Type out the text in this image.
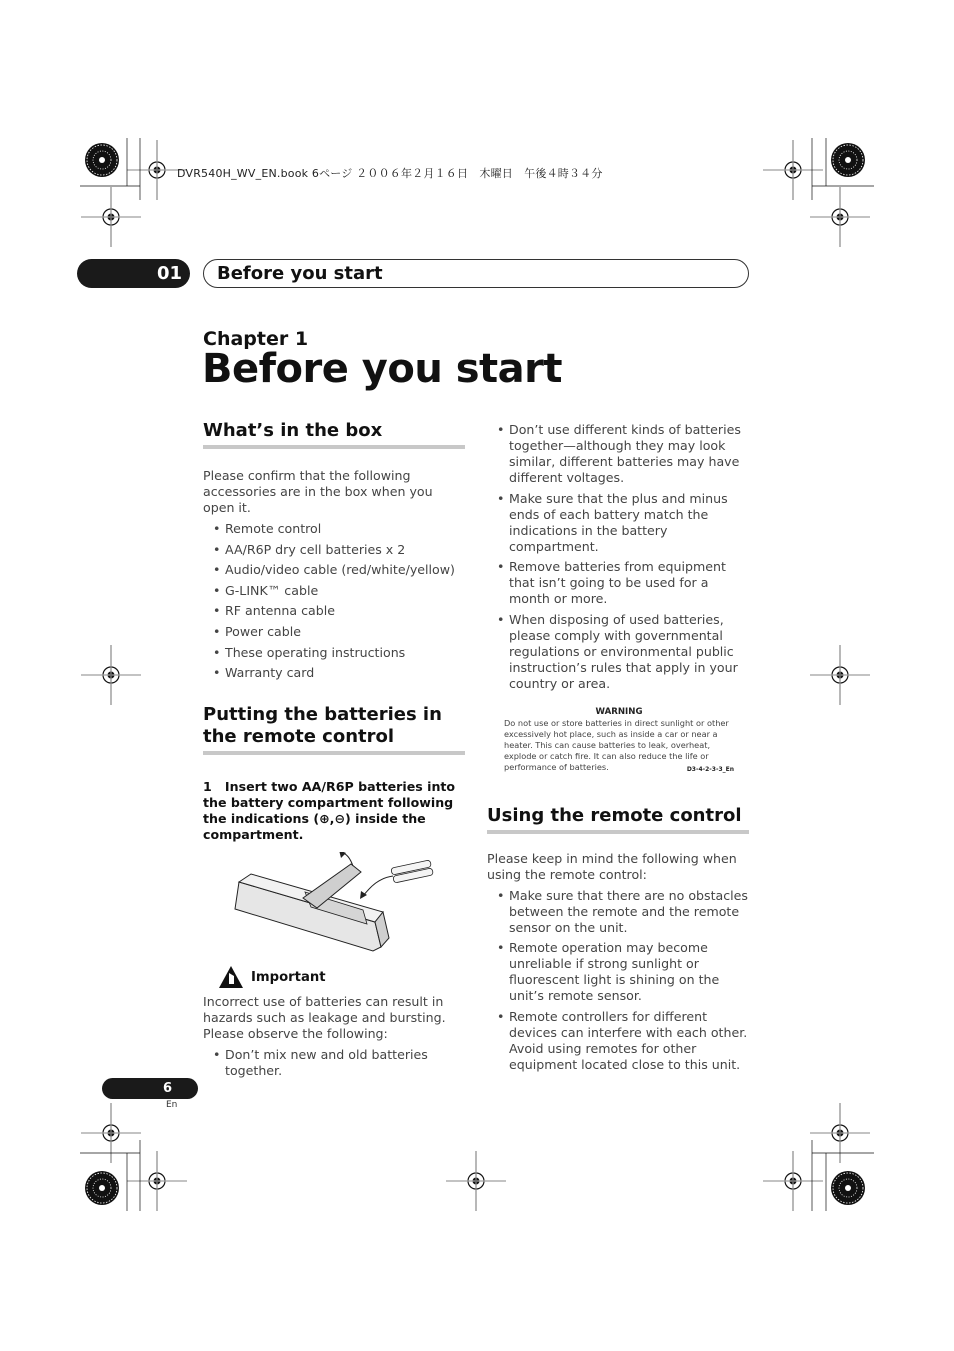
DVR540H_WV_EN.book 6ページ ２００６年２月１６日　木曜日　午後４時３４分
01	Before you start
Chapter 1
Before you start
What’s in the box

Please confirm that the following accessories are in the box when you open it.

• Remote control
• AA/R6P dry cell batteries x 2
• Audio/video cable (red/white/yellow)
• G-LINK™ cable
• RF antenna cable
• Power cable
• These operating instructions
• Warranty card
Putting the batteries in the remote control
1 Insert two AA/R6P batteries into the battery compartment following the indications (⊕,⊖) inside the compartment.
Important

Incorrect use of batteries can result in hazards such as leakage and bursting. Please observe the following:

• Don’t mix new and old batteries together.
• Don’t use different kinds of batteries together—although they may look similar, different batteries may have different voltages.
• Make sure that the plus and minus ends of each battery match the indications in the battery compartment.
• Remove batteries from equipment that isn’t going to be used for a month or more.
• When disposing of used batteries, please comply with governmental regulations or environmental public instruction’s rules that apply in your country or area.
WARNING
Do not use or store batteries in direct sunlight or other excessively hot place, such as inside a car or near a heater. This can cause batteries to leak, overheat, explode or catch fire. It can also reduce the life or performance of batteries.	D3-4-2-3-3_En
Using the remote control

Please keep in mind the following when using the remote control:

• Make sure that there are no obstacles between the remote and the remote sensor on the unit.
• Remote operation may become unreliable if strong sunlight or fluorescent light is shining on the unit’s remote sensor.
• Remote controllers for different devices can interfere with each other. Avoid using remotes for other equipment located close to this unit.
6
En
